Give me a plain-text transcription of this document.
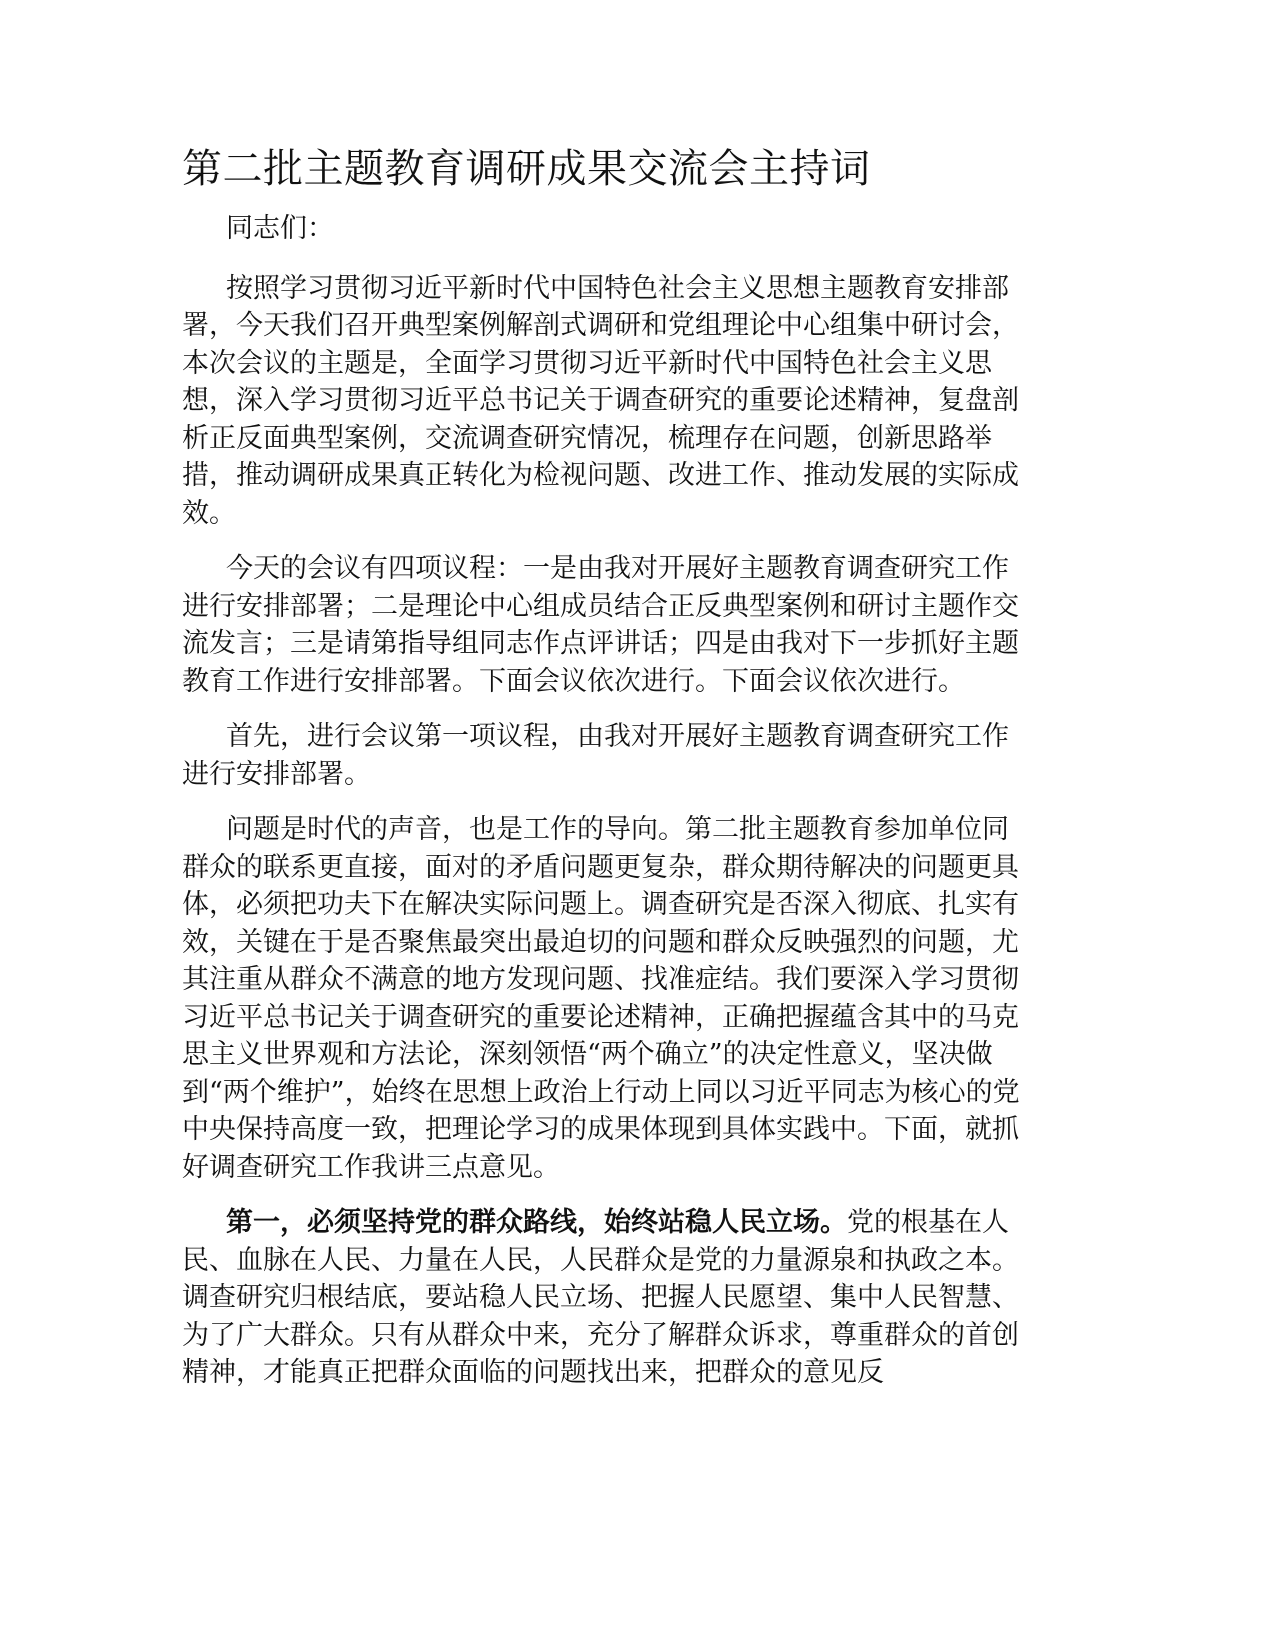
第二批主题教育调研成果交流会主持词

同志们：

按照学习贯彻习近平新时代中国特色社会主义思想主题教育安排部署，今天我们召开典型案例解剖式调研和党组理论中心组集中研讨会，本次会议的主题是，全面学习贯彻习近平新时代中国特色社会主义思想，深入学习贯彻习近平总书记关于调查研究的重要论述精神，复盘剖析正反面典型案例，交流调查研究情况，梳理存在问题，创新思路举措，推动调研成果真正转化为检视问题、改进工作、推动发展的实际成效。

今天的会议有四项议程：一是由我对开展好主题教育调查研究工作进行安排部署；二是理论中心组成员结合正反典型案例和研讨主题作交流发言；三是请第指导组同志作点评讲话；四是由我对下一步抓好主题教育工作进行安排部署。下面会议依次进行。下面会议依次进行。

首先，进行会议第一项议程，由我对开展好主题教育调查研究工作进行安排部署。

问题是时代的声音，也是工作的导向。第二批主题教育参加单位同群众的联系更直接，面对的矛盾问题更复杂，群众期待解决的问题更具体，必须把功夫下在解决实际问题上。调查研究是否深入彻底、扎实有效，关键在于是否聚焦最突出最迫切的问题和群众反映强烈的问题，尤其注重从群众不满意的地方发现问题、找准症结。我们要深入学习贯彻习近平总书记关于调查研究的重要论述精神，正确把握蕴含其中的马克思主义世界观和方法论，深刻领悟“两个确立”的决定性意义，坚决做到“两个维护”，始终在思想上政治上行动上同以习近平同志为核心的党中央保持高度一致，把理论学习的成果体现到具体实践中。下面，就抓好调查研究工作我讲三点意见。

第一，必须坚持党的群众路线，始终站稳人民立场。党的根基在人民、血脉在人民、力量在人民，人民群众是党的力量源泉和执政之本。调查研究归根结底，要站稳人民立场、把握人民愿望、集中人民智慧、为了广大群众。只有从群众中来，充分了解群众诉求，尊重群众的首创精神，才能真正把群众面临的问题找出来，把群众的意见反
